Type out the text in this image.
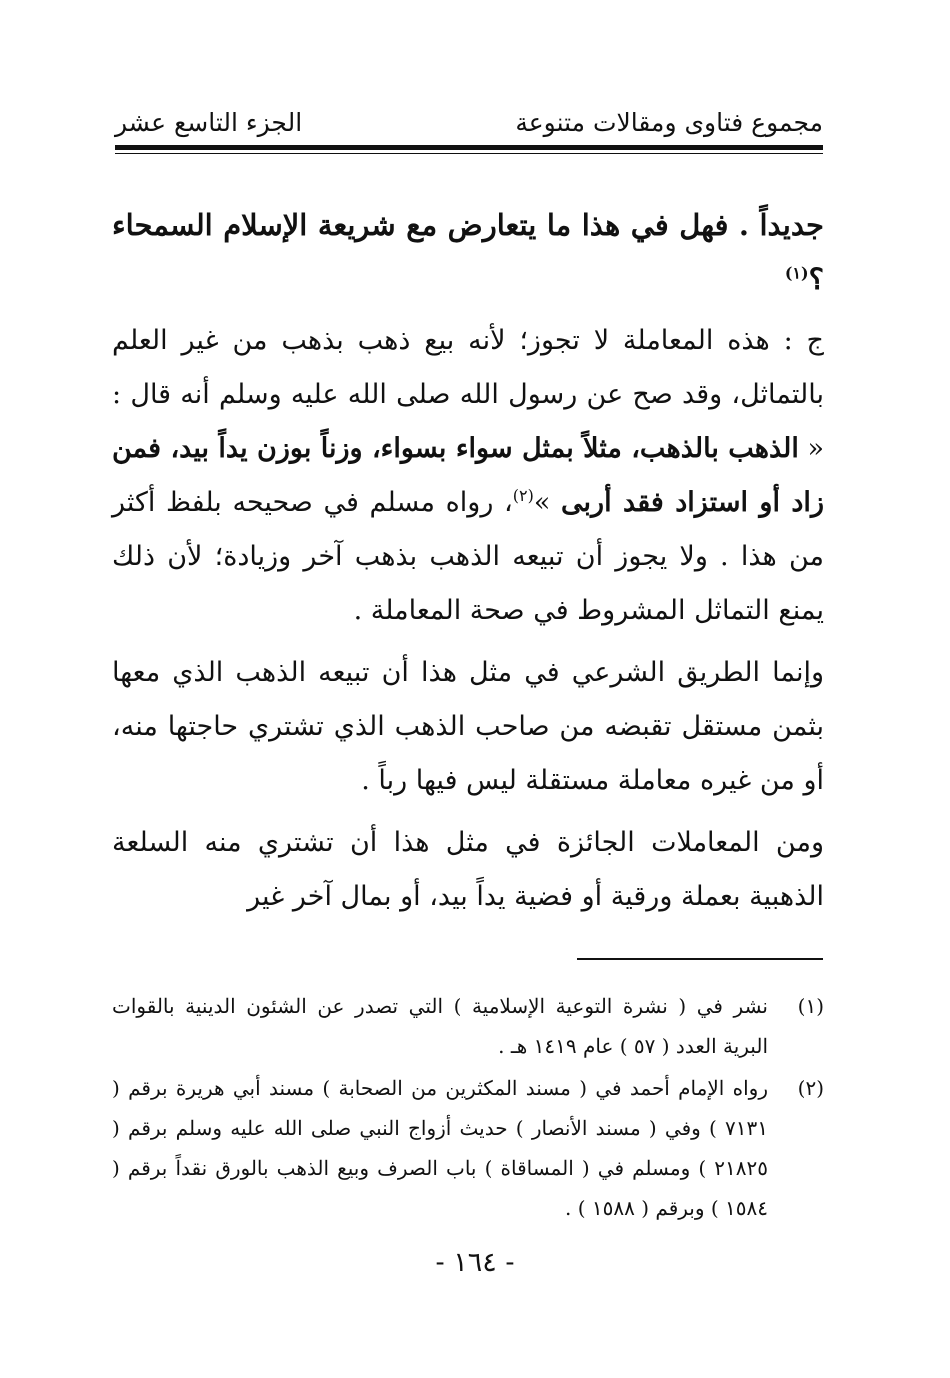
مجموع فتاوى ومقالات متنوعة
الجزء التاسع عشر

جديداً . فهل في هذا ما يتعارض مع شريعة الإسلام السمحاء ؟$^{(١)}$

ج : هذه المعاملة لا تجوز؛ لأنه بيع ذهب بذهب من غير العلم بالتماثل، وقد صح عن رسول الله صلى الله عليه وسلم أنه قال : « الذهب بالذهب، مثلاً بمثل سواء بسواء، وزناً بوزن يداً بيد، فمن زاد أو استزاد فقد أربى »$^{(٢)}$، رواه مسلم في صحيحه بلفظ أكثر من هذا . ولا يجوز أن تبيعه الذهب بذهب آخر وزيادة؛ لأن ذلك يمنع التماثل المشروط في صحة المعاملة .

وإنما الطريق الشرعي في مثل هذا أن تبيعه الذهب الذي معها بثمن مستقل تقبضه من صاحب الذهب الذي تشتري حاجتها منه، أو من غيره معاملة مستقلة ليس فيها رباً .

ومن المعاملات الجائزة في مثل هذا أن تشتري منه السلعة الذهبية بعملة ورقية أو فضية يداً بيد، أو بمال آخر غير

(١)
نشر في ( نشرة التوعية الإسلامية ) التي تصدر عن الشئون الدينية بالقوات البرية العدد ( ٥٧ ) عام ١٤١٩ هـ .
(٢)
رواه الإمام أحمد في ( مسند المكثرين من الصحابة ) مسند أبي هريرة برقم ( ٧١٣١ ) وفي ( مسند الأنصار ) حديث أزواج النبي صلى الله عليه وسلم برقم ( ٢١٨٢٥ ) ومسلم في ( المساقاة ) باب الصرف وبيع الذهب بالورق نقداً برقم ( ١٥٨٤ ) وبرقم ( ١٥٨٨ ) .
- ١٦٤ -
